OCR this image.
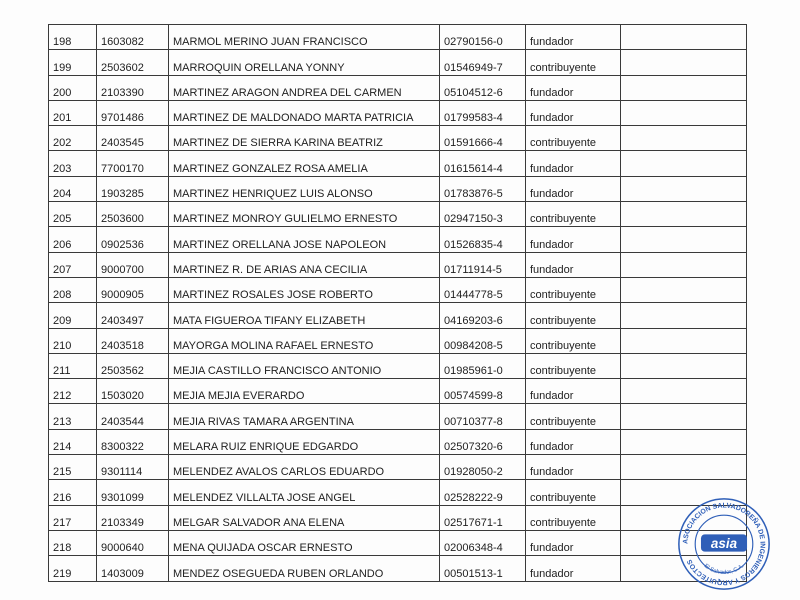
198	1603082	MARMOL MERINO JUAN FRANCISCO	02790156-0	fundador	
199	2503602	MARROQUIN ORELLANA YONNY	01546949-7	contribuyente	
200	2103390	MARTINEZ ARAGON ANDREA DEL CARMEN	05104512-6	fundador	
201	9701486	MARTINEZ DE MALDONADO MARTA PATRICIA	01799583-4	fundador	
202	2403545	MARTINEZ DE SIERRA KARINA BEATRIZ	01591666-4	contribuyente	
203	7700170	MARTINEZ GONZALEZ ROSA AMELIA	01615614-4	fundador	
204	1903285	MARTINEZ HENRIQUEZ LUIS ALONSO	01783876-5	fundador	
205	2503600	MARTINEZ MONROY GULIELMO ERNESTO	02947150-3	contribuyente	
206	0902536	MARTINEZ ORELLANA JOSE NAPOLEON	01526835-4	fundador	
207	9000700	MARTINEZ R. DE ARIAS ANA CECILIA	01711914-5	fundador	
208	9000905	MARTINEZ ROSALES JOSE ROBERTO	01444778-5	contribuyente	
209	2403497	MATA FIGUEROA TIFANY ELIZABETH	04169203-6	contribuyente	
210	2403518	MAYORGA MOLINA RAFAEL ERNESTO	00984208-5	contribuyente	
211	2503562	MEJIA CASTILLO FRANCISCO ANTONIO	01985961-0	contribuyente	
212	1503020	MEJIA MEJIA EVERARDO	00574599-8	fundador	
213	2403544	MEJIA RIVAS TAMARA ARGENTINA	00710377-8	contribuyente	
214	8300322	MELARA RUIZ ENRIQUE EDGARDO	02507320-6	fundador	
215	9301114	MELENDEZ AVALOS CARLOS EDUARDO	01928050-2	fundador	
216	9301099	MELENDEZ VILLALTA JOSE ANGEL	02528222-9	contribuyente	
217	2103349	MELGAR SALVADOR ANA ELENA	02517671-1	contribuyente	
218	9000640	MENA QUIJADA OSCAR ERNESTO	02006348-4	fundador	
219	1403009	MENDEZ OSEGUEDA RUBEN ORLANDO	00501513-1	fundador	
ASOCIACION SALVADOREÑA DE INGENIEROS Y ARQUITECTOS
asia
El Salvador, C.A.
